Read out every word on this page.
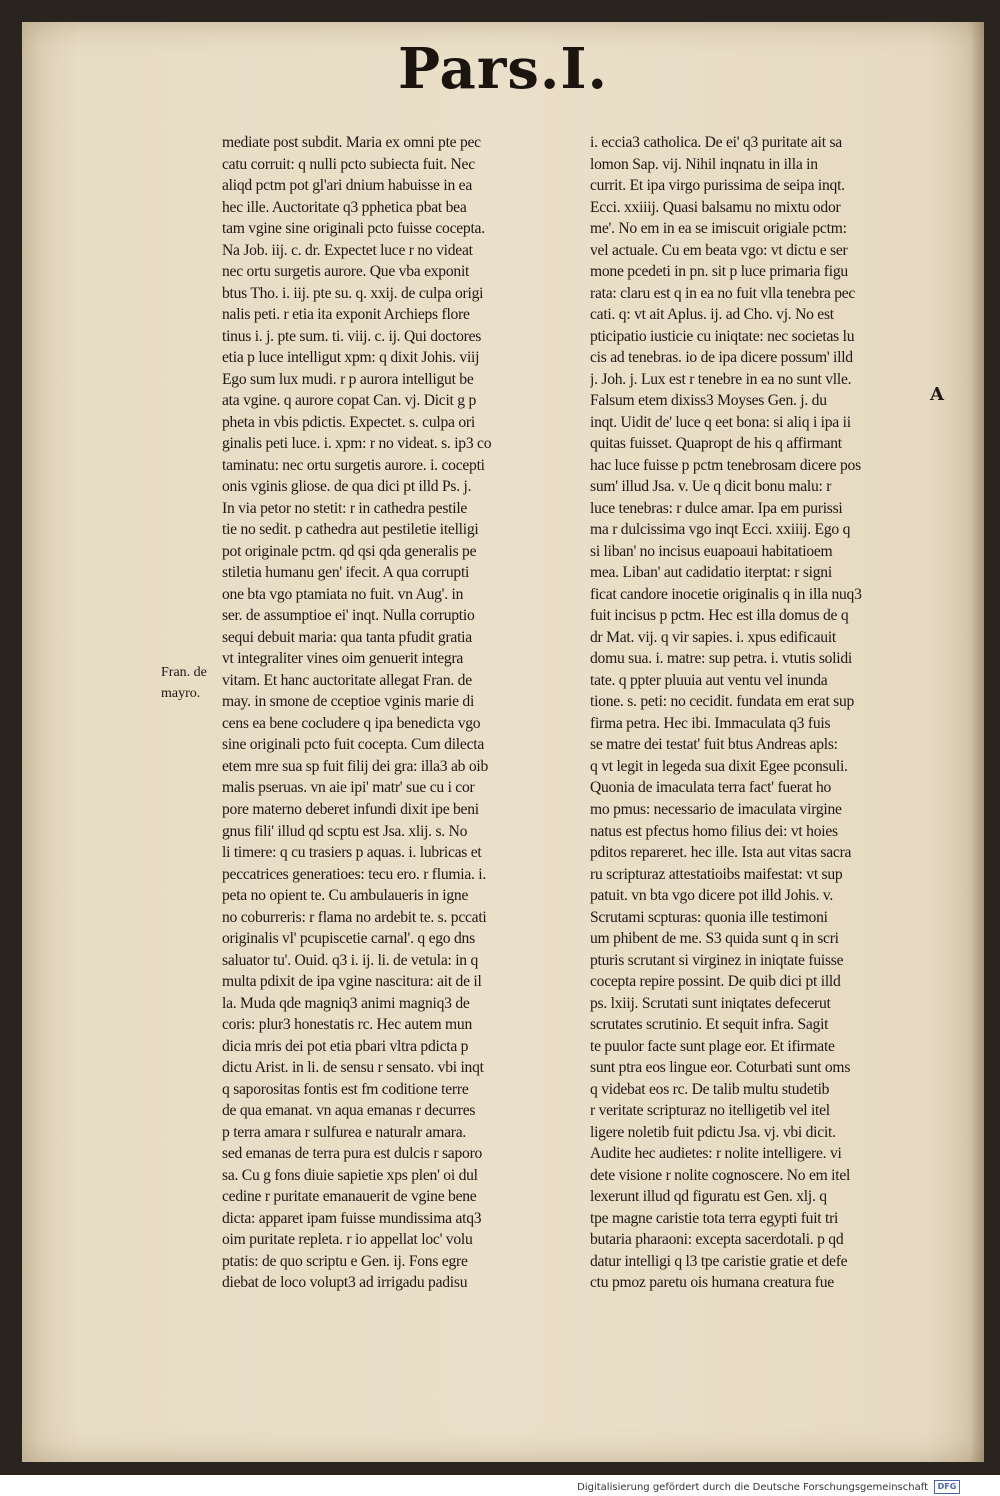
Pars.I.
Fran. de
mayro.
A
mediate post subdit. Maria ex omni pte pec
catu corruit: q nulli pcto subiecta fuit. Nec
aliqd pctm pot gl'ari dnium habuisse in ea
hec ille. Auctoritate q3 pphetica pbat bea
tam vgine sine originali pcto fuisse cocepta.
Na Job. iij. c. dr. Expectet luce r no videat
nec ortu surgetis aurore. Que vba exponit
btus Tho. i. iij. pte su. q. xxij. de culpa origi
nalis peti. r etia ita exponit Archieps flore
tinus i. j. pte sum. ti. viij. c. ij. Qui doctores
etia p luce intelligut xpm: q dixit Johis. viij
Ego sum lux mudi. r p aurora intelligut be
ata vgine. q aurore copat Can. vj. Dicit g p
pheta in vbis pdictis. Expectet. s. culpa ori
ginalis peti luce. i. xpm: r no videat. s. ip3 co
taminatu: nec ortu surgetis aurore. i. cocepti
onis vginis gliose. de qua dici pt illd Ps. j.
In via petor no stetit: r in cathedra pestile
tie no sedit. p cathedra aut pestiletie itelligi
pot originale pctm. qd qsi qda generalis pe
stiletia humanu gen' ifecit. A qua corrupti
one bta vgo ptamiata no fuit. vn Aug'. in
ser. de assumptioe ei' inqt. Nulla corruptio
sequi debuit maria: qua tanta pfudit gratia
vt integraliter vines oim genuerit integra
vitam. Et hanc auctoritate allegat Fran. de
may. in smone de cceptioe vginis marie di
cens ea bene cocludere q ipa benedicta vgo
sine originali pcto fuit cocepta. Cum dilecta
etem mre sua sp fuit filij dei gra: illa3 ab oib
malis pseruas. vn aie ipi' matr' sue cu i cor
pore materno deberet infundi dixit ipe beni
gnus fili' illud qd scptu est Jsa. xlij. s. No
li timere: q cu trasiers p aquas. i. lubricas et
peccatrices generatioes: tecu ero. r flumia. i.
peta no opient te. Cu ambulaueris in igne
no coburreris: r flama no ardebit te. s. pccati
originalis vl' pcupiscetie carnal'. q ego dns
saluator tu'. Ouid. q3 i. ij. li. de vetula: in q
multa pdixit de ipa vgine nascitura: ait de il
la. Muda qde magniq3 animi magniq3 de
coris: plur3 honestatis rc. Hec autem mun
dicia mris dei pot etia pbari vltra pdicta p
dictu Arist. in li. de sensu r sensato. vbi inqt
q saporositas fontis est fm coditione terre
de qua emanat. vn aqua emanas r decurres
p terra amara r sulfurea e naturalr amara.
sed emanas de terra pura est dulcis r saporo
sa. Cu g fons diuie sapietie xps plen' oi dul
cedine r puritate emanauerit de vgine bene
dicta: apparet ipam fuisse mundissima atq3
oim puritate repleta. r io appellat loc' volu
ptatis: de quo scriptu e Gen. ij. Fons egre
diebat de loco volupt3 ad irrigadu padisu
i. eccia3 catholica. De ei' q3 puritate ait sa
lomon Sap. vij. Nihil inqnatu in illa in
currit. Et ipa virgo purissima de seipa inqt.
Ecci. xxiiij. Quasi balsamu no mixtu odor
me'. No em in ea se imiscuit origiale pctm:
vel actuale. Cu em beata vgo: vt dictu e ser
mone pcedeti in pn. sit p luce primaria figu
rata: claru est q in ea no fuit vlla tenebra pec
cati. q: vt ait Aplus. ij. ad Cho. vj. No est
pticipatio iusticie cu iniqtate: nec societas lu
cis ad tenebras. io de ipa dicere possum' illd
j. Joh. j. Lux est r tenebre in ea no sunt vlle.
Falsum etem dixiss3 Moyses Gen. j. du
inqt. Uidit de' luce q eet bona: si aliq i ipa ii
quitas fuisset. Quapropt de his q affirmant
hac luce fuisse p pctm tenebrosam dicere pos
sum' illud Jsa. v. Ue q dicit bonu malu: r
luce tenebras: r dulce amar. Ipa em purissi
ma r dulcissima vgo inqt Ecci. xxiiij. Ego q
si liban' no incisus euapoaui habitatioem
mea. Liban' aut cadidatio iterptat: r signi
ficat candore inocetie originalis q in illa nuq3
fuit incisus p pctm. Hec est illa domus de q
dr Mat. vij. q vir sapies. i. xpus edificauit
domu sua. i. matre: sup petra. i. vtutis solidi
tate. q ppter pluuia aut ventu vel inunda
tione. s. peti: no cecidit. fundata em erat sup
firma petra. Hec ibi. Immaculata q3 fuis
se matre dei testat' fuit btus Andreas apls:
q vt legit in legeda sua dixit Egee pconsuli.
Quonia de imaculata terra fact' fuerat ho
mo pmus: necessario de imaculata virgine
natus est pfectus homo filius dei: vt hoies
pditos repareret. hec ille. Ista aut vitas sacra
ru scripturaz attestatioibs maifestat: vt sup
patuit. vn bta vgo dicere pot illd Johis. v.
Scrutami scpturas: quonia ille testimoni
um phibent de me. S3 quida sunt q in scri
pturis scrutant si virginez in iniqtate fuisse
cocepta repire possint. De quib dici pt illd
ps. lxiij. Scrutati sunt iniqtates defecerut
scrutates scrutinio. Et sequit infra. Sagit
te puulor facte sunt plage eor. Et ifirmate
sunt ptra eos lingue eor. Coturbati sunt oms
q videbat eos rc. De talib multu studetib
r veritate scripturaz no itelligetib vel itel
ligere noletib fuit pdictu Jsa. vj. vbi dicit.
Audite hec audietes: r nolite intelligere. vi
dete visione r nolite cognoscere. No em itel
lexerunt illud qd figuratu est Gen. xlj. q
tpe magne caristie tota terra egypti fuit tri
butaria pharaoni: excepta sacerdotali. p qd
datur intelligi q l3 tpe caristie gratie et defe
ctu pmoz paretu ois humana creatura fue
Digitalisierung gefördert durch die Deutsche Forschungsgemeinschaft	DFG
